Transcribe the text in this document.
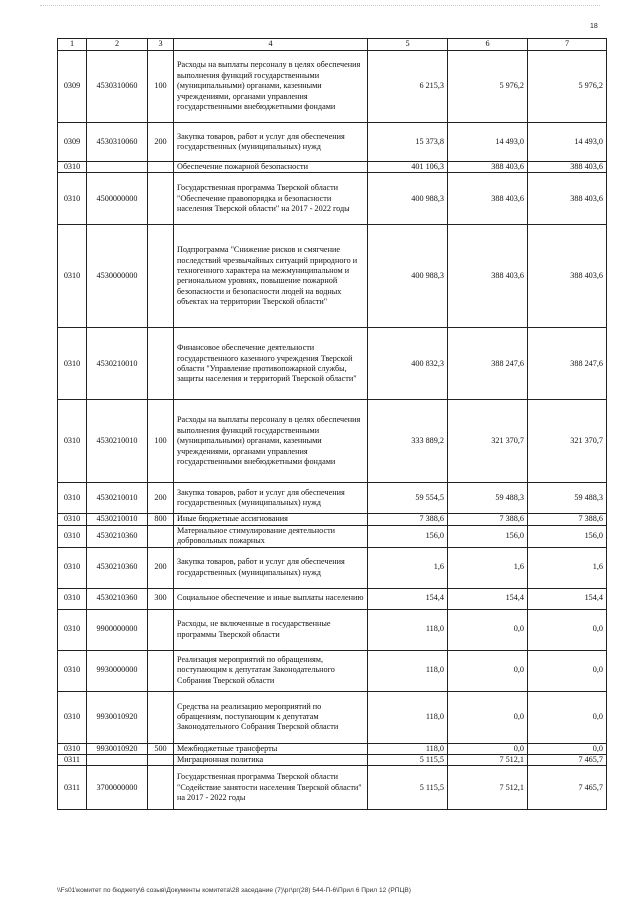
18
1	2	3	4	5	6	7
0309	4530310060	100	Расходы на выплаты персоналу в целях обеспечения выполнения функций государственными (муниципальными) органами, казенными учреждениями, органами управления государственными внебюджетными фондами	6 215,3	5 976,2	5 976,2
0309	4530310060	200	Закупка товаров, работ и услуг для обеспечения государственных (муниципальных) нужд	15 373,8	14 493,0	14 493,0
0310			Обеспечение пожарной безопасности	401 106,3	388 403,6	388 403,6
0310	4500000000		Государственная программа Тверской области "Обеспечение правопорядка и безопасности населения Тверской области" на 2017 - 2022 годы	400 988,3	388 403,6	388 403,6
0310	4530000000		Подпрограмма "Снижение рисков и смягчение последствий чрезвычайных ситуаций природного и техногенного характера на межмуниципальном и региональном уровнях, повышение пожарной безопасности и безопасности людей на водных объектах на территории Тверской области"	400 988,3	388 403,6	388 403,6
0310	4530210010		Финансовое обеспечение деятельности государственного казенного учреждения Тверской области "Управление противопожарной службы, защиты населения и территорий Тверской области"	400 832,3	388 247,6	388 247,6
0310	4530210010	100	Расходы на выплаты персоналу в целях обеспечения выполнения функций государственными (муниципальными) органами, казенными учреждениями, органами управления государственными внебюджетными фондами	333 889,2	321 370,7	321 370,7
0310	4530210010	200	Закупка товаров, работ и услуг для обеспечения государственных (муниципальных) нужд	59 554,5	59 488,3	59 488,3
0310	4530210010	800	Иные бюджетные ассигнования	7 388,6	7 388,6	7 388,6
0310	4530210360		Материальное стимулирование деятельности добровольных пожарных	156,0	156,0	156,0
0310	4530210360	200	Закупка товаров, работ и услуг для обеспечения государственных (муниципальных) нужд	1,6	1,6	1,6
0310	4530210360	300	Социальное обеспечение и иные выплаты населению	154,4	154,4	154,4
0310	9900000000		Расходы, не включенные в государственные программы Тверской области	118,0	0,0	0,0
0310	9930000000		Реализация мероприятий по обращениям, поступающим к депутатам Законодательного Собрания Тверской области	118,0	0,0	0,0
0310	9930010920		Средства на реализацию мероприятий по обращениям, поступающим к депутатам Законодательного Собрания Тверской области	118,0	0,0	0,0
0310	9930010920	500	Межбюджетные трансферты	118,0	0,0	0,0
0311			Миграционная политика	5 115,5	7 512,1	7 465,7
0311	3700000000		Государственная программа Тверской области "Содействие занятости населения Тверской области" на 2017 - 2022 годы	5 115,5	7 512,1	7 465,7
\\Fs01\комитет по бюджету\6 созыв\Документы комитета\28 заседание (7)\рг\рг(28) 544-П-6\Прил 6 Прил 12 (РПЦВ)
